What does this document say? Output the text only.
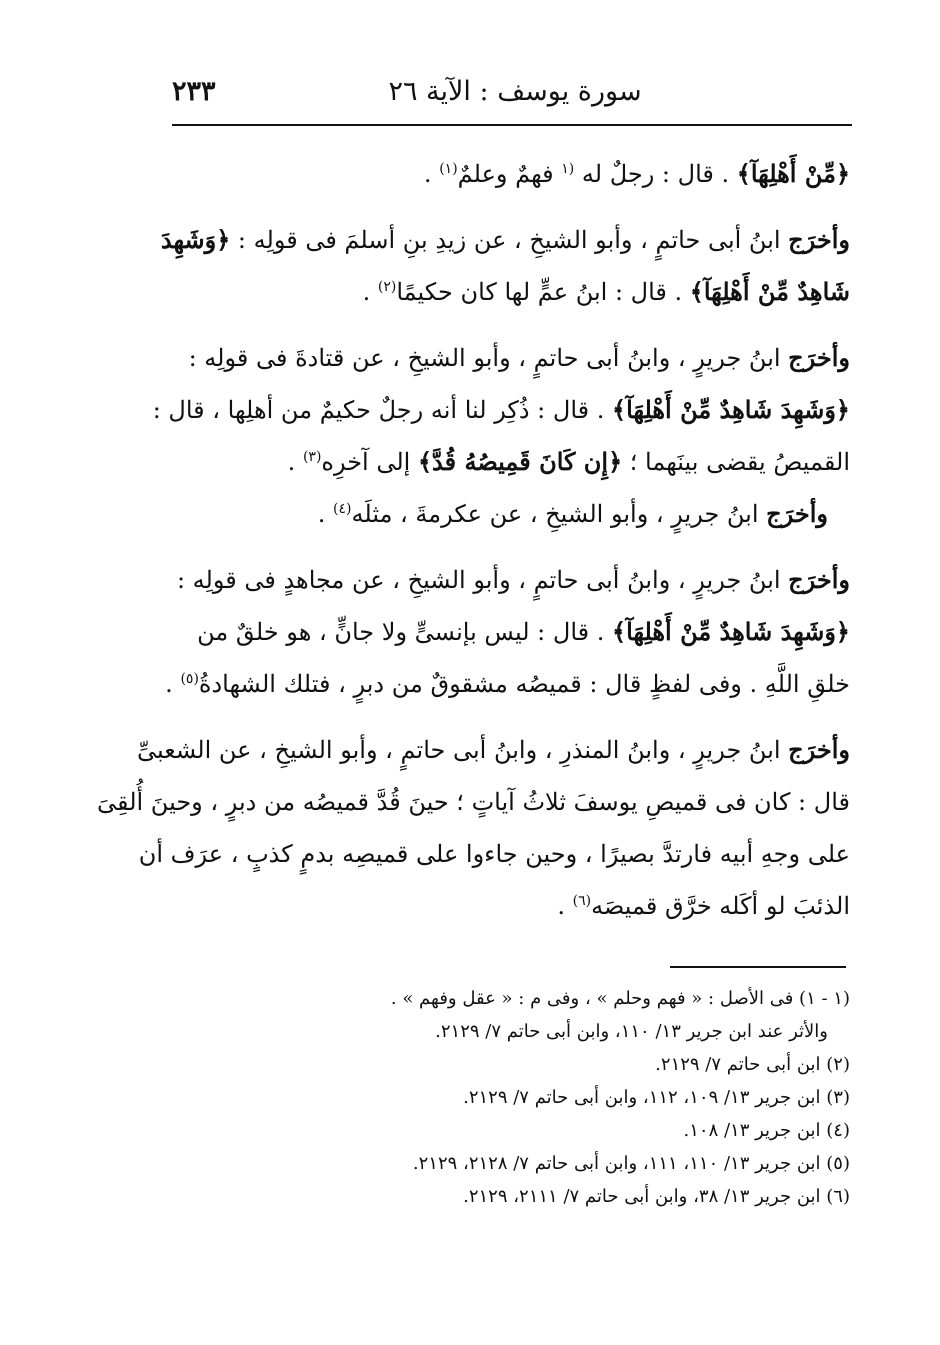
٢٣٣	سورة يوسف : الآية ٢٦
﴿مِّنْ أَهْلِهَآ﴾ . قال : رجلٌ له $^{(١}$ فهمٌ وعلمٌ$^{(١)}$ .
وأخرَج ابنُ أبى حاتمٍ ، وأبو الشيخِ ، عن زيدِ بنِ أسلمَ فى قولِه : ﴿وَشَهِدَ
شَاهِدٌ مِّنْ أَهْلِهَآ﴾ . قال : ابنُ عمٍّ لها كان حكيمًا$^{(٢)}$ .
وأخرَج ابنُ جريرٍ ، وابنُ أبى حاتمٍ ، وأبو الشيخِ ، عن قتادةَ فى قولِه :
﴿وَشَهِدَ شَاهِدٌ مِّنْ أَهْلِهَآ﴾ . قال : ذُكِر لنا أنه رجلٌ حكيمٌ من أهلِها ، قال :
القميصُ يقضى بينَهما ؛ ﴿إِن كَانَ قَمِيصُهُ قُدَّ﴾ إلى آخرِه$^{(٣)}$ .
وأخرَج ابنُ جريرٍ ، وأبو الشيخِ ، عن عكرمةَ ، مثلَه$^{(٤)}$ .
وأخرَج ابنُ جريرٍ ، وابنُ أبى حاتمٍ ، وأبو الشيخِ ، عن مجاهدٍ فى قولِه :
﴿وَشَهِدَ شَاهِدٌ مِّنْ أَهْلِهَآ﴾ . قال : ليس بإنسىٍّ ولا جانٍّ ، هو خلقٌ من
خلقِ اللَّهِ . وفى لفظٍ قال : قميصُه مشقوقٌ من دبرٍ ، فتلك الشهادةُ$^{(٥)}$ .
وأخرَج ابنُ جريرٍ ، وابنُ المنذرِ ، وابنُ أبى حاتمٍ ، وأبو الشيخِ ، عن الشعبىِّ
قال : كان فى قميصِ يوسفَ ثلاثُ آياتٍ ؛ حينَ قُدَّ قميصُه من دبرٍ ، وحينَ أُلقِىَ
على وجهِ أبيه فارتدَّ بصيرًا ، وحين جاءوا على قميصِه بدمٍ كذبٍ ، عرَف أن
الذئبَ لو أكَله خرَّق قميصَه$^{(٦)}$ .
(١ - ١) فى الأصل : « فهم وحلم » ، وفى م : « عقل وفهم » .
والأثر عند ابن جرير ١٣/ ١١٠، وابن أبى حاتم ٧/ ٢١٢٩.
(٢) ابن أبى حاتم ٧/ ٢١٢٩.
(٣) ابن جرير ١٣/ ١٠٩، ١١٢، وابن أبى حاتم ٧/ ٢١٢٩.
(٤) ابن جرير ١٣/ ١٠٨.
(٥) ابن جرير ١٣/ ١١٠، ١١١، وابن أبى حاتم ٧/ ٢١٢٨، ٢١٢٩.
(٦) ابن جرير ١٣/ ٣٨، وابن أبى حاتم ٧/ ٢١١١، ٢١٢٩.
